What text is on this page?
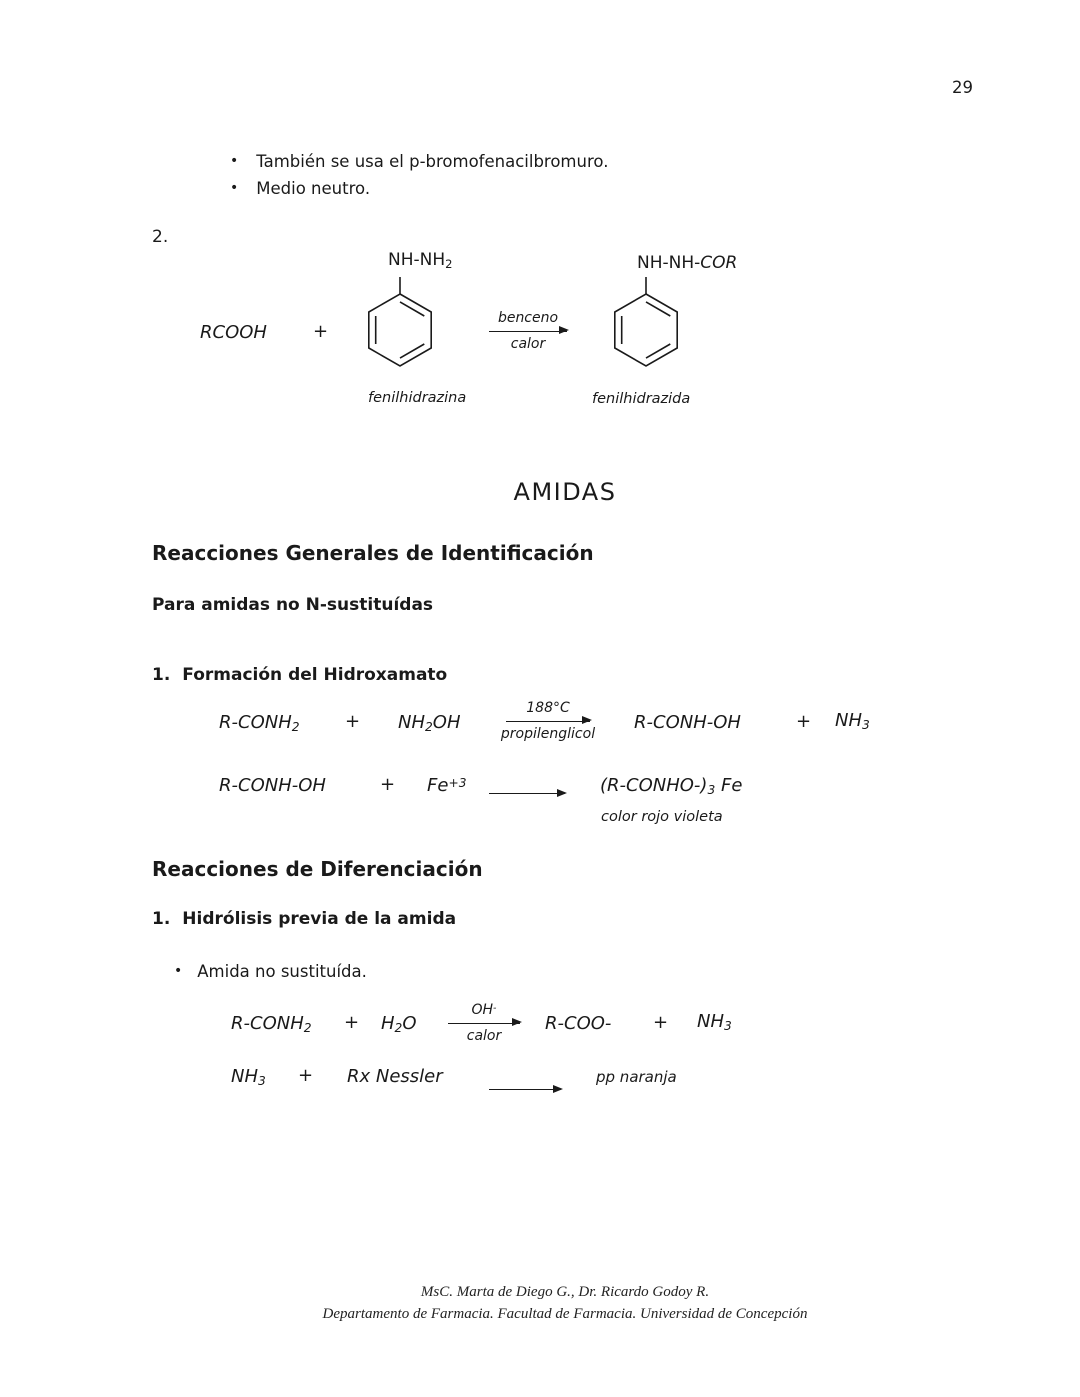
29
• También se usa el p-bromofenacilbromuro.
• Medio neutro.
2.
NH-NH2	NH-NH-COR
RCOOH	+
benceno
calor
fenilhidrazina	fenilhidrazida
AMIDAS
Reacciones Generales de Identificación
Para amidas no N-sustituídas
1. Formación del Hidroxamato
R-CONH2	+ NH2OH
188°C
propilenglicol
R-CONH-OH	+ NH3
R-CONH-OH	+ $Fe^{+3}$	(R-CONHO-)3 Fe
color rojo violeta
Reacciones de Diferenciación
1. Hidrólisis previa de la amida
• Amida no sustituída.
R-CONH2 + H2O
OH-
calor
R-COO- + NH3
NH3 + Rx Nessler	pp naranja
MsC. Marta de Diego G., Dr. Ricardo Godoy R.
Departamento de Farmacia. Facultad de Farmacia. Universidad de Concepción
